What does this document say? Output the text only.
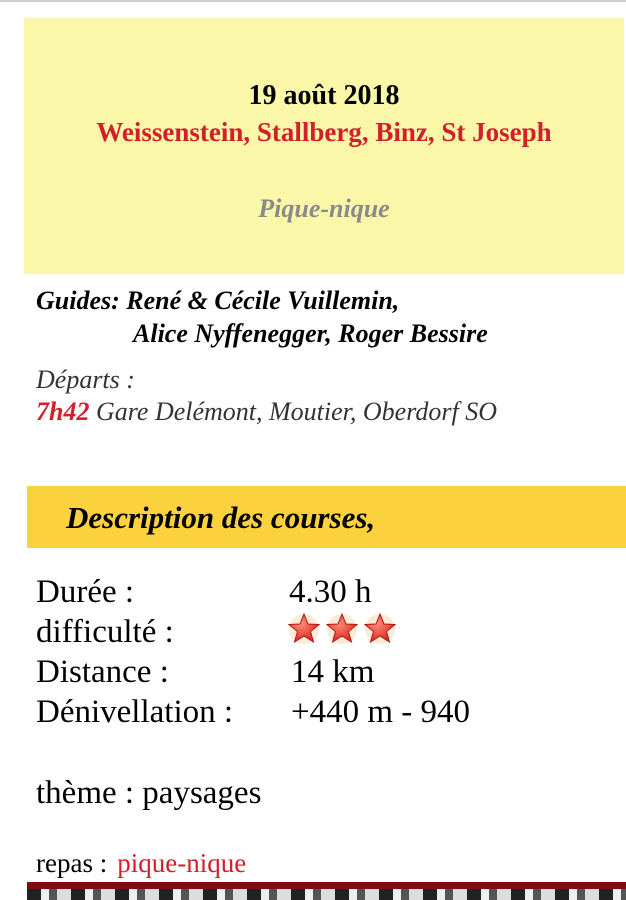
19 août 2018
Weissenstein, Stallberg, Binz, St Joseph
Pique-nique
Guides: René & Cécile Vuillemin,
Alice Nyffenegger, Roger Bessire
Départs :
7h42 Gare Delémont, Moutier, Oberdorf SO
Description des courses,
Durée :	4.30 h
difficulté :
Distance :	14 km
Dénivellation : +440 m - 940
thème : paysages
repas : pique-nique
